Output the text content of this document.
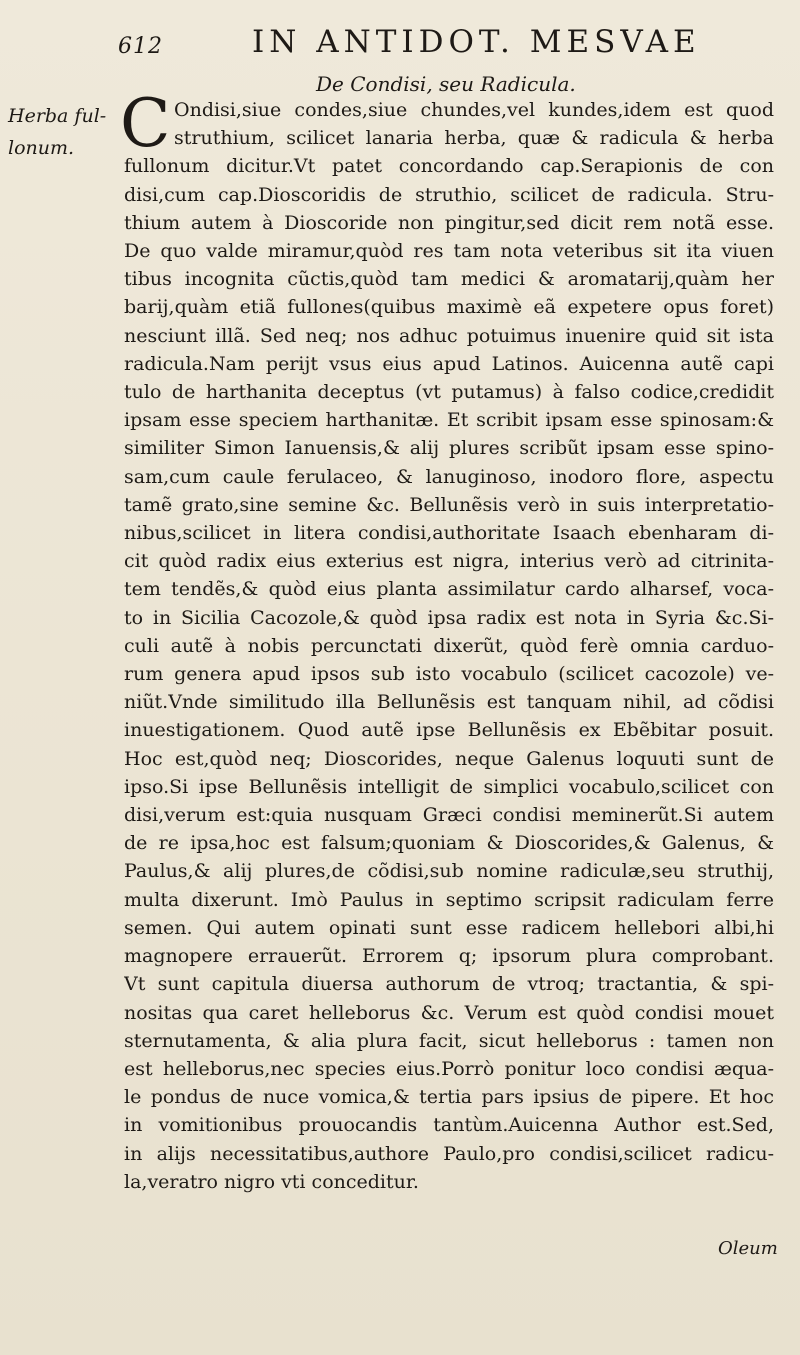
612	IN ANTIDOT. MESVAE
De Condisi, seu Radicula.
Herba ful-
lonum. C Ondisi,siue condes,siue chundes,vel kundes,idem est quod
struthium, scilicet lanaria herba, quæ & radicula & herba
fullonum dicitur.Vt patet concordando cap.Serapionis de con
disi,cum cap.Dioscoridis de struthio, scilicet de radicula. Stru-
thium autem à Dioscoride non pingitur,sed dicit rem notã esse.
De quo valde miramur,quòd res tam nota veteribus sit ita viuen
tibus incognita cũctis,quòd tam medici & aromatarij,quàm her
barij,quàm etiã fullones(quibus maximè eã expetere opus foret)
nesciunt illã. Sed neq; nos adhuc potuimus inuenire quid sit ista
radicula.Nam perijt vsus eius apud Latinos. Auicenna autẽ capi
tulo de harthanita deceptus (vt putamus) à falso codice,credidit
ipsam esse speciem harthanitæ. Et scribit ipsam esse spinosam:&
similiter Simon Ianuensis,& alij plures scribũt ipsam esse spino-
sam,cum caule ferulaceo, & lanuginoso, inodoro flore, aspectu
tamẽ grato,sine semine &c. Bellunẽsis verò in suis interpretatio-
nibus,scilicet in litera condisi,authoritate Isaach ebenharam di-
cit quòd radix eius exterius est nigra, interius verò ad citrinita-
tem tendẽs,& quòd eius planta assimilatur cardo alharsef, voca-
to in Sicilia Cacozole,& quòd ipsa radix est nota in Syria &c.Si-
culi autẽ à nobis percunctati dixerũt, quòd ferè omnia carduo-
rum genera apud ipsos sub isto vocabulo (scilicet cacozole) ve-
niũt.Vnde similitudo illa Bellunẽsis est tanquam nihil, ad cõdisi
inuestigationem. Quod autẽ ipse Bellunẽsis ex Ebẽbitar posuit.
Hoc est,quòd neq; Dioscorides, neque Galenus loquuti sunt de
ipso.Si ipse Bellunẽsis intelligit de simplici vocabulo,scilicet con
disi,verum est:quia nusquam Græci condisi meminerũt.Si autem
de re ipsa,hoc est falsum;quoniam & Dioscorides,& Galenus, &
Paulus,& alij plures,de cõdisi,sub nomine radiculæ,seu struthij,
multa dixerunt. Imò Paulus in septimo scripsit radiculam ferre
semen. Qui autem opinati sunt esse radicem hellebori albi,hi
magnopere errauerũt. Errorem q; ipsorum plura comprobant.
Vt sunt capitula diuersa authorum de vtroq; tractantia, & spi-
nositas qua caret helleborus &c. Verum est quòd condisi mouet
sternutamenta, & alia plura facit, sicut helleborus : tamen non
est helleborus,nec species eius.Porrò ponitur loco condisi æqua-
le pondus de nuce vomica,& tertia pars ipsius de pipere. Et hoc
in vomitionibus prouocandis tantùm.Auicenna Author est.Sed,
in alijs necessitatibus,authore Paulo,pro condisi,scilicet radicu-
la,veratro nigro vti conceditur.
Oleum
